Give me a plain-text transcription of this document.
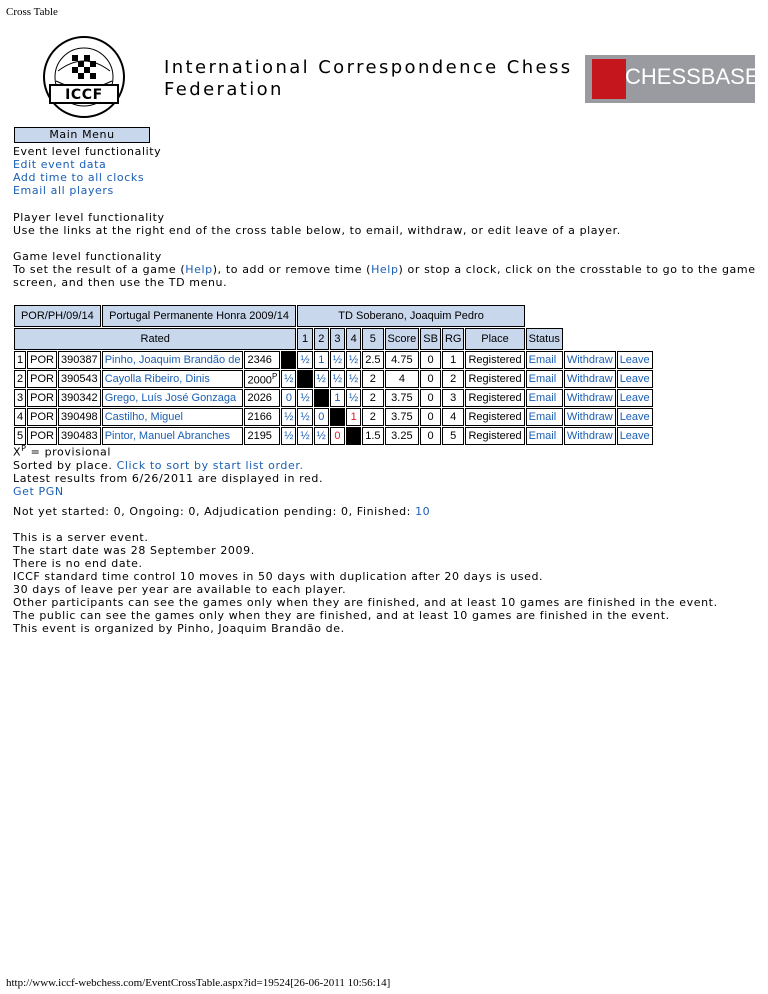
Cross Table
ICCF
International Correspondence Chess
Federation
CHESSBASE
Main Menu
Event level functionality
Edit event data
Add time to all clocks
Email all players
Player level functionality
Use the links at the right end of the cross table below, to email, withdraw, or edit leave of a player.
Game level functionality
To set the result of a game (Help), to add or remove time (Help) or stop a clock, click on the crosstable to go to the game
screen, and then use the TD menu.
POR/PH/09/14			Portugal Permanente Honra 2009/14			TD Soberano, Joaquim Pedro											
Rated						1	2	3	4	5	Score	SB	RG	Place	Status		
1	POR	390387	Pinho, Joaquim Brandão de	2346		½	1	½	½	2.5	4.75	0	1	Registered	Email	Withdraw	Leave
2	POR	390543	Cayolla Ribeiro, Dinis	$2000^P$	½		½	½	½	2	4	0	2	Registered	Email	Withdraw	Leave
3	POR	390342	Grego, Luís José Gonzaga	2026	0	½		1	½	2	3.75	0	3	Registered	Email	Withdraw	Leave
4	POR	390498	Castilho, Miguel	2166	½	½	0		1	2	3.75	0	4	Registered	Email	Withdraw	Leave
5	POR	390483	Pintor, Manuel Abranches	2195	½	½	½	0		1.5	3.25	0	5	Registered	Email	Withdraw	Leave
$X^P$ = provisional
Sorted by place. Click to sort by start list order.
Latest results from 6/26/2011 are displayed in red.
Get PGN
Not yet started: 0, Ongoing: 0, Adjudication pending: 0, Finished: 10
This is a server event.
The start date was 28 September 2009.
There is no end date.
ICCF standard time control 10 moves in 50 days with duplication after 20 days is used.
30 days of leave per year are available to each player.
Other participants can see the games only when they are finished, and at least 10 games are finished in the event.
The public can see the games only when they are finished, and at least 10 games are finished in the event.
This event is organized by Pinho, Joaquim Brandão de.
http://www.iccf-webchess.com/EventCrossTable.aspx?id=19524[26-06-2011 10:56:14]
